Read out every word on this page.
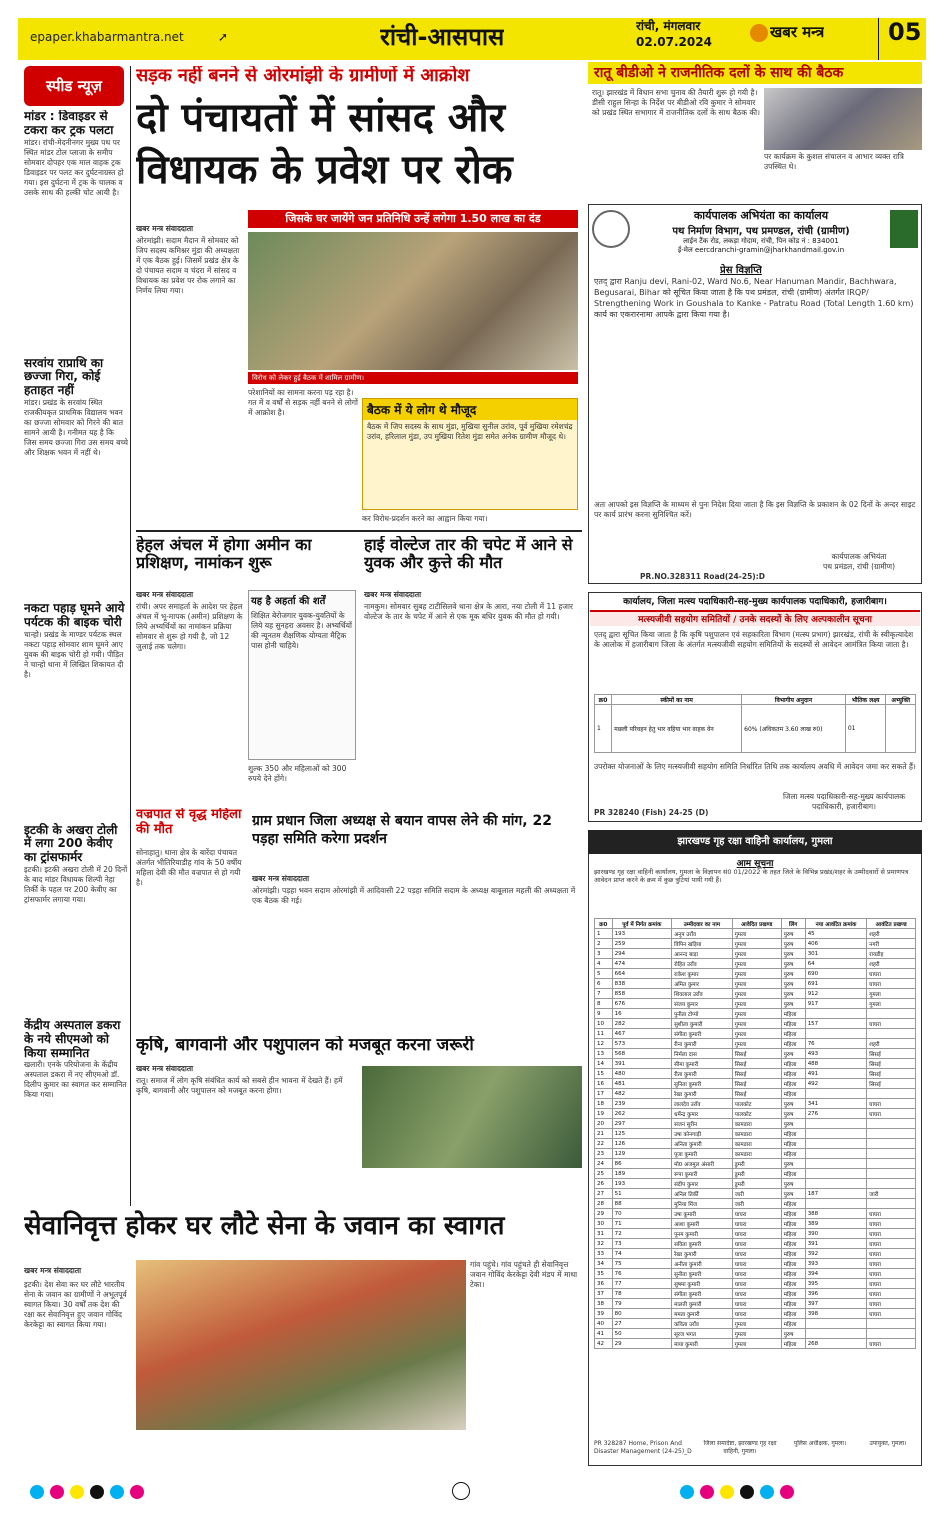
epaper.khabarmantra.net	➚	रांची-आसपास	रांची, मंगलवार
02.07.2024
खबर मन्त्र	05
स्पीड न्यूज़
मांडर : डिवाइडर से टकरा कर ट्रक पलटा
मांडर। रांची-मेदनीनगर मुख्य पथ पर स्थित मांडर टोल प्लाजा के समीप सोमवार दोपहर एक माल वाहक ट्रक डिवाइडर पर पलट कर दुर्घटनाग्रस्त हो गया। इस दुर्घटना में ट्रक के चालक व उसके साथ की हल्की चोट आयी है।
सरवांय राप्राथि का छज्जा गिरा, कोई हताहत नहीं
मांडर। प्रखंड के सरवांय स्थित राजकीयकृत प्राथमिक विद्यालय भवन का छज्जा सोमवार को गिरने की बात सामने आयी है। गनीमत यह है कि जिस समय छज्जा गिरा उस समय बच्चे और शिक्षक भवन में नहीं थे।
नकटा पहाड़ घूमने आये पर्यटक की बाइक चोरी
चान्हो। प्रखंड के माण्डर पर्यटक स्थल नकटा पहाड़ सोमवार शाम घूमने आए युवक की बाइक चोरी हो गयी। पीड़ित ने चान्हो थाना में लिखित शिकायत दी है।
इटकी के अखरा टोली में लगा 200 केवीए का ट्रांसफार्मर
इटकी। इटकी अखरा टोली में 20 दिनों के बाद मांडर विधायक शिल्पी नेहा तिर्की के पहल पर 200 केवीए का ट्रांसफार्मर लगाया गया।
केंद्रीय अस्पताल डकरा के नये सीएमओ को किया सम्मानित
खलारी। एनके परियोजना के केंद्रीय अस्पताल डकरा में नए सीएमओ डॉ. दिलीप कुमार का स्वागत कर सम्मानित किया गया।
सड़क नहीं बनने से ओरमांझी के ग्रामीणों में आक्रोश
दो पंचायतों में सांसद और विधायक के प्रवेश पर रोक
जिसके घर जायेंगे जन प्रतिनिधि उन्हें लगेगा 1.50 लाख का दंड
खबर मन्त्र संवाददाता
ओरमांझी। सदाम मैदान में सोमवार को जिप सदस्य कमिश्नर मुंडा की अध्यक्षता में एक बैठक हुई। जिसमें प्रखंड क्षेत्र के दो पंचायत सदाम व चंदरा में सांसद व विधायक का प्रवेश पर रोक लगाने का निर्णय लिया गया।
विरोध को लेकर हुई बैठक में शामिल ग्रामीण।
परेशानियों का सामना करना पड़ रहा है। गत में व वर्षों से सड़क नहीं बनने से लोगों में आक्रोश है।	बैठक में ये लोग थे मौजूद
बैठक में जिप सदस्य के साथ मुंडा, मुखिया सुनील उरांव, पूर्व मुखिया रमेशचंद्र उरांव, हरिलाल मुंडा, उप मुखिया रितेश मुंडा समेत अनेक ग्रामीण मौजूद थे।
कर विरोध-प्रदर्शन करने का आह्वान किया गया।
रातू बीडीओ ने राजनीतिक दलों के साथ की बैठक
रातू। झारखंड में विधान सभा चुनाव की तैयारी शुरू हो गयी है। डीसी राहुल सिन्हा के निर्देश पर बीडीओ रवि कुमार ने सोमवार को प्रखंड स्थित सभागार में राजनीतिक दलों के साथ बैठक की।
पर कार्यक्रम के कुशल संचालन व आभार व्यक्त रात्रि उपस्थित थे।
कार्यपालक अभियंता का कार्यालय
पथ निर्माण विभाग, पथ प्रमण्डल, रांची (ग्रामीण)
लाईन टैंक रोड, लकड़ा गोदाम, रांची, पिन कोड नं : 834001
ई-मेल eercdranchi-gramin@jharkhandmail.gov.in
प्रेस विज्ञप्ति
एतद् द्वारा Ranju devi, Rani-02, Ward No.6, Near Hanuman Mandir, Bachhwara, Begusarai, Bihar को सूचित किया जाता है कि पथ प्रमंडल, रांची (ग्रामीण) अंतर्गत IRQP/ Strengthening Work in Goushala to Kanke - Patratu Road (Total Length 1.60 km) कार्य का एकरारनामा आपके द्वारा किया गया है।
अतः आपको इस विज्ञप्ति के माध्यम से पुनः निदेश दिया जाता है कि इस विज्ञप्ति के प्रकाशन के 02 दिनों के अन्दर साइट पर कार्य प्रारंभ करना सुनिश्चित करें।
कार्यपालक अभियंता
पथ प्रमंडल, रांची (ग्रामीण)
PR.NO.328311 Road(24-25):D
कार्यालय, जिला मत्स्य पदाधिकारी-सह-मुख्य कार्यपालक पदाधिकारी, हजारीबाग।
मत्स्यजीवी सहयोग समितियों / उनके सदस्यों के लिए अल्पकालीन सूचना
एतद् द्वारा सूचित किया जाता है कि कृषि पशुपालन एवं सहकारिता विभाग (मत्स्य प्रभाग) झारखंड, रांची के स्वीकृत्यादेश के आलोक में हजारीबाग जिला के अंतर्गत मत्स्यजीवी सहयोग समितियों के सदस्यों से आवेदन आमंत्रित किया जाता है।
क्र0	स्कीमों का नाम	विभागीय अनुदान	भौतिक लक्ष्य	अभ्युक्ति
1	मछली परिवहन हेतु भार वहिया भार वाहक वेन	60% (अधिकतम 3.60 लाख रु0)	01	
उपरोक्त योजनाओं के लिए मत्स्यजीवी सहयोग समिति निर्धारित तिथि तक कार्यालय अवधि में आवेदन जमा कर सकते हैं।
जिला मत्स्य पदाधिकारी-सह-मुख्य कार्यपालक पदाधिकारी, हजारीबाग।
PR 328240 (Fish) 24-25 (D)
हेहल अंचल में होगा अमीन का प्रशिक्षण, नामांकन शुरू
खबर मन्त्र संवाददाता
रांची। अपर समाहर्ता के आदेश पर हेहल अंचल में भू-मापक (अमीन) प्रशिक्षण के लिये अभ्यर्थियों का नामांकन प्रक्रिया सोमवार से शुरू हो गयी है, जो 12 जुलाई तक चलेगा।
यह है अहर्ता की शर्तें
शिक्षित बेरोजगार युवक-युवतियों के लिये यह सुनहरा अवसर है। अभ्यर्थियों की न्यूनतम शैक्षणिक योग्यता मैट्रिक पास होनी चाहिये।
शुल्क 350 और महिलाओं को 300 रुपये देने होंगे।
हाई वोल्टेज तार की चपेट में आने से युवक और कुत्ते की मौत
खबर मन्त्र संवाददाता
नामकुम। सोमवार सुबह टाटीसिलवे थाना क्षेत्र के आरा, नया टोली में 11 हजार वोल्टेज के तार के चपेट में आने से एक मूक बधिर युवक की मौत हो गयी।
वज्रपात से वृद्ध महिला की मौत
सोनाहातु। थाना क्षेत्र के बारेंदा पंचायत अंतर्गत भीतिरियाडीह गांव के 50 वर्षीय महिला देवी की मौत वज्रपात से हो गयी है।
ग्राम प्रधान जिला अध्यक्ष से बयान वापस लेने की मांग, 22 पड़हा समिति करेगा प्रदर्शन
खबर मन्त्र संवाददाता
ओरमांझी। पड़हा भवन सदाम ओरमांझी में आदिवासी 22 पड़हा समिति सदाम के अध्यक्ष बाबूलाल महली की अध्यक्षता में एक बैठक की गई।
कृषि, बागवानी और पशुपालन को मजबूत करना जरूरी
खबर मन्त्र संवाददाता
रातू। समाज में लोग कृषि संबंधित कार्य को सबसे हीन भावना में देखते हैं। हमें कृषि, बागवानी और पशुपालन को मजबूत करना होगा।
सेवानिवृत्त होकर घर लौटे सेना के जवान का स्वागत
खबर मन्त्र संवाददाता
इटकी। देश सेवा कर घर लौटे भारतीय सेना के जवान का ग्रामीणों ने अभूतपूर्व स्वागत किया। 30 वर्षों तक देश की रक्षा कर सेवानिवृत्त हुए जवान गोविंद केरकेट्टा का स्वागत किया गया।
गांव पहुंचे। गांव पहुंचते ही सेवानिवृत्त जवान गोविंद केरकेट्टा देवी मंडप में माथा टेका।
झारखण्ड गृह रक्षा वाहिनी कार्यालय, गुमला
आम सूचना
झारखण्ड गृह रक्षा वाहिनी कार्यालय, गुमला के विज्ञापन सं0 01/2022 के तहत जिले के विभिन्न प्रखंड/शहर के उम्मीदवारों से प्रमाणपत्र आवेदन प्राप्त करने के क्रम में कुछ त्रुटियां पायी गयी हैं।
क्र0	पूर्व में निर्गत क्रमांक	उम्मीदवार का नाम	आवेदित प्रखण्ड	लिंग	नया आवंटित क्रमांक	आवंटित प्रखण्ड
1	193	अनूप उराँव	गुमला	पुरुष	45	शहरी
2	259	विपिन खड़िया	गुमला	पुरुष	406	नगरी
3	294	आनन्द बाड़ा	गुमला	पुरुष	301	रायडीह
4	474	रोहित उराँव	गुमला	पुरुष	64	शहरी
5	664	राकेश कुमार	गुमला	पुरुष	690	घाघरा
6	838	अमित कुमार	गुमला	पुरुष	691	घाघरा
7	858	शिवलाल उराँव	गुमला	पुरुष	912	गुमला
8	676	संजय कुमार	गुमला	पुरुष	917	गुमला
9	16	पुनीता टोप्पो	गुमला	महिला		
10	282	सुशीला कुमारी	गुमला	महिला	157	घाघरा
11	467	संगीता कुमारी	गुमला	महिला		
12	573	रीना कुमारी	गुमला	महिला	76	शहरी
13	568	निर्मला दास	सिसई	पुरुष	493	सिसई
14	391	सीमा कुमारी	सिसई	महिला	488	सिसई
15	480	रीता कुमारी	सिसई	महिला	491	सिसई
16	481	सुनिता कुमारी	सिसई	महिला	492	सिसई
17	482	रेखा कुमारी	सिसई	महिला		
18	239	लालदेव उराँव	पालकोट	पुरुष	341	घाघरा
19	262	धर्मेन्द्र कुमार	पालकोट	पुरुष	276	घाघरा
20	297	सजन सुरीन	कामडारा	पुरुष		
21	125	उषा कोनगाड़ी	कामडारा	महिला		
22	126	अनिता कुमारी	कामडारा	महिला		
23	129	पूजा कुमारी	कामडारा	महिला		
24	86	मो0 अजमुल अंसारी	डुमरी	पुरुष		
25	189	रूपा कुमारी	डुमरी	महिला		
26	193	संदीप कुमार	डुमरी	पुरुष		
27	51	अनिल तिर्की	जारी	पुरुष	187	जारी
28	88	मुनिया मिंज	जारी	महिला		
29	70	उषा कुमारी	घाघरा	महिला	388	घाघरा
30	71	आशा कुमारी	घाघरा	महिला	389	घाघरा
31	72	पूनम कुमारी	घाघरा	महिला	390	घाघरा
32	73	सविता कुमारी	घाघरा	महिला	391	घाघरा
33	74	रेखा कुमारी	घाघरा	महिला	392	घाघरा
34	75	अनीता कुमारी	घाघरा	महिला	393	घाघरा
35	76	सुनीता कुमारी	घाघरा	महिला	394	घाघरा
36	77	सुषमा कुमारी	घाघरा	महिला	395	घाघरा
37	78	संगीता कुमारी	घाघरा	महिला	396	घाघरा
38	79	मालती कुमारी	घाघरा	महिला	397	घाघरा
39	80	ममता कुमारी	घाघरा	महिला	398	घाघरा
40	27	कविता उराँव	गुमला	महिला		
41	50	सूरज भगत	गुमला	पुरुष		
42	29	माया कुमारी	गुमला	महिला	268	घाघरा
PR 328287 Home, Prison And Disaster Management (24-25)_D
जिला समादेष्टा, झारखण्ड गृह रक्षा वाहिनी, गुमला।
पुलिस अधीक्षक, गुमला।	उपायुक्त, गुमला।
